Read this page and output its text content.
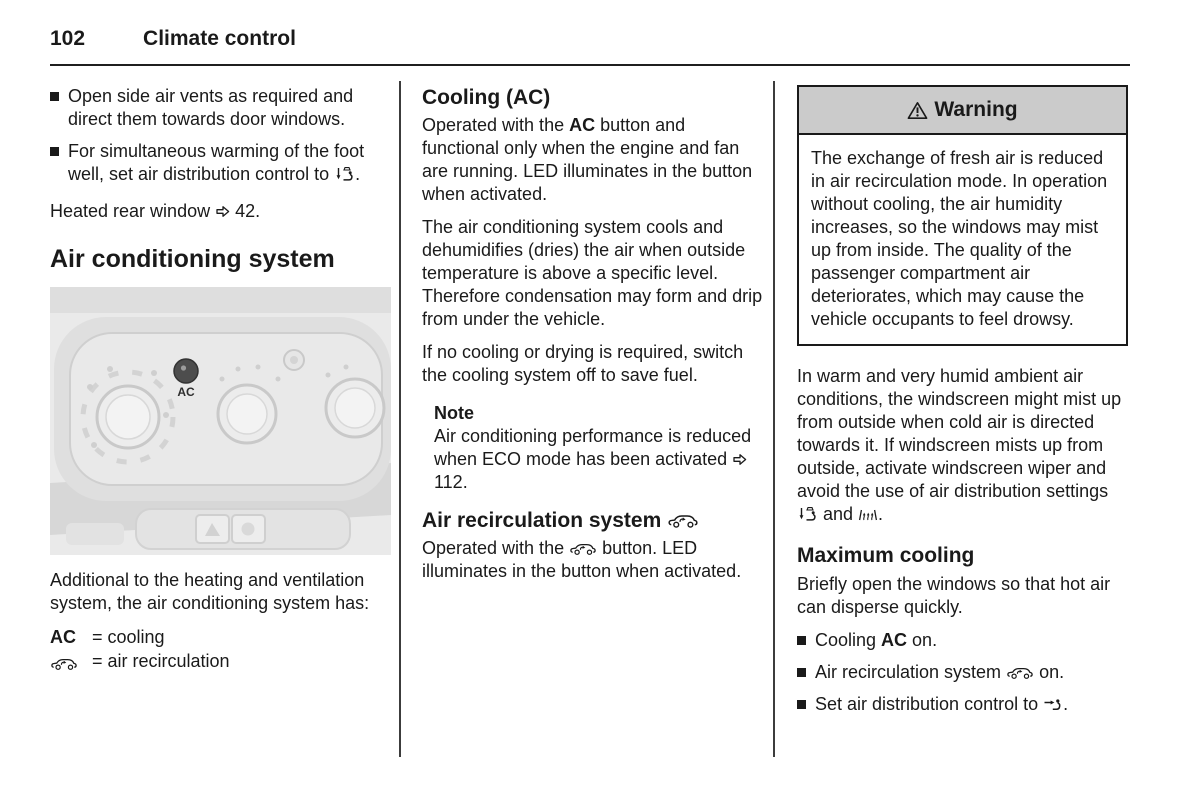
102	Climate control
Open side air vents as required and direct them towards door windows.
For simultaneous warming of the foot well, set air distribution control to .

Heated rear window  42.

Air conditioning system
AC

Additional to the heating and ventilation system, the air conditioning system has:

AC = cooling
= air recirculation
Cooling (AC)

Operated with the AC button and functional only when the engine and fan are running. LED illuminates in the button when activated.

The air conditioning system cools and dehumidifies (dries) the air when outside temperature is above a specific level. Therefore condensation may form and drip from under the vehicle.

If no cooling or drying is required, switch the cooling system off to save fuel.

Note

Air conditioning performance is reduced when ECO mode has been activated  112.

Air recirculation system

Operated with the  button. LED illuminates in the button when activated.

Warning
The exchange of fresh air is reduced in air recirculation mode. In operation without cooling, the air humidity increases, so the windows may mist up from inside. The quality of the passenger compartment air deteriorates, which may cause the vehicle occupants to feel drowsy.

In warm and very humid ambient air conditions, the windscreen might mist up from outside when cold air is directed towards it. If windscreen mists up from outside, activate windscreen wiper and avoid the use of air distribution settings  and .

Maximum cooling

Briefly open the windows so that hot air can disperse quickly.

Cooling AC on.
Air recirculation system  on.
Set air distribution control to .
